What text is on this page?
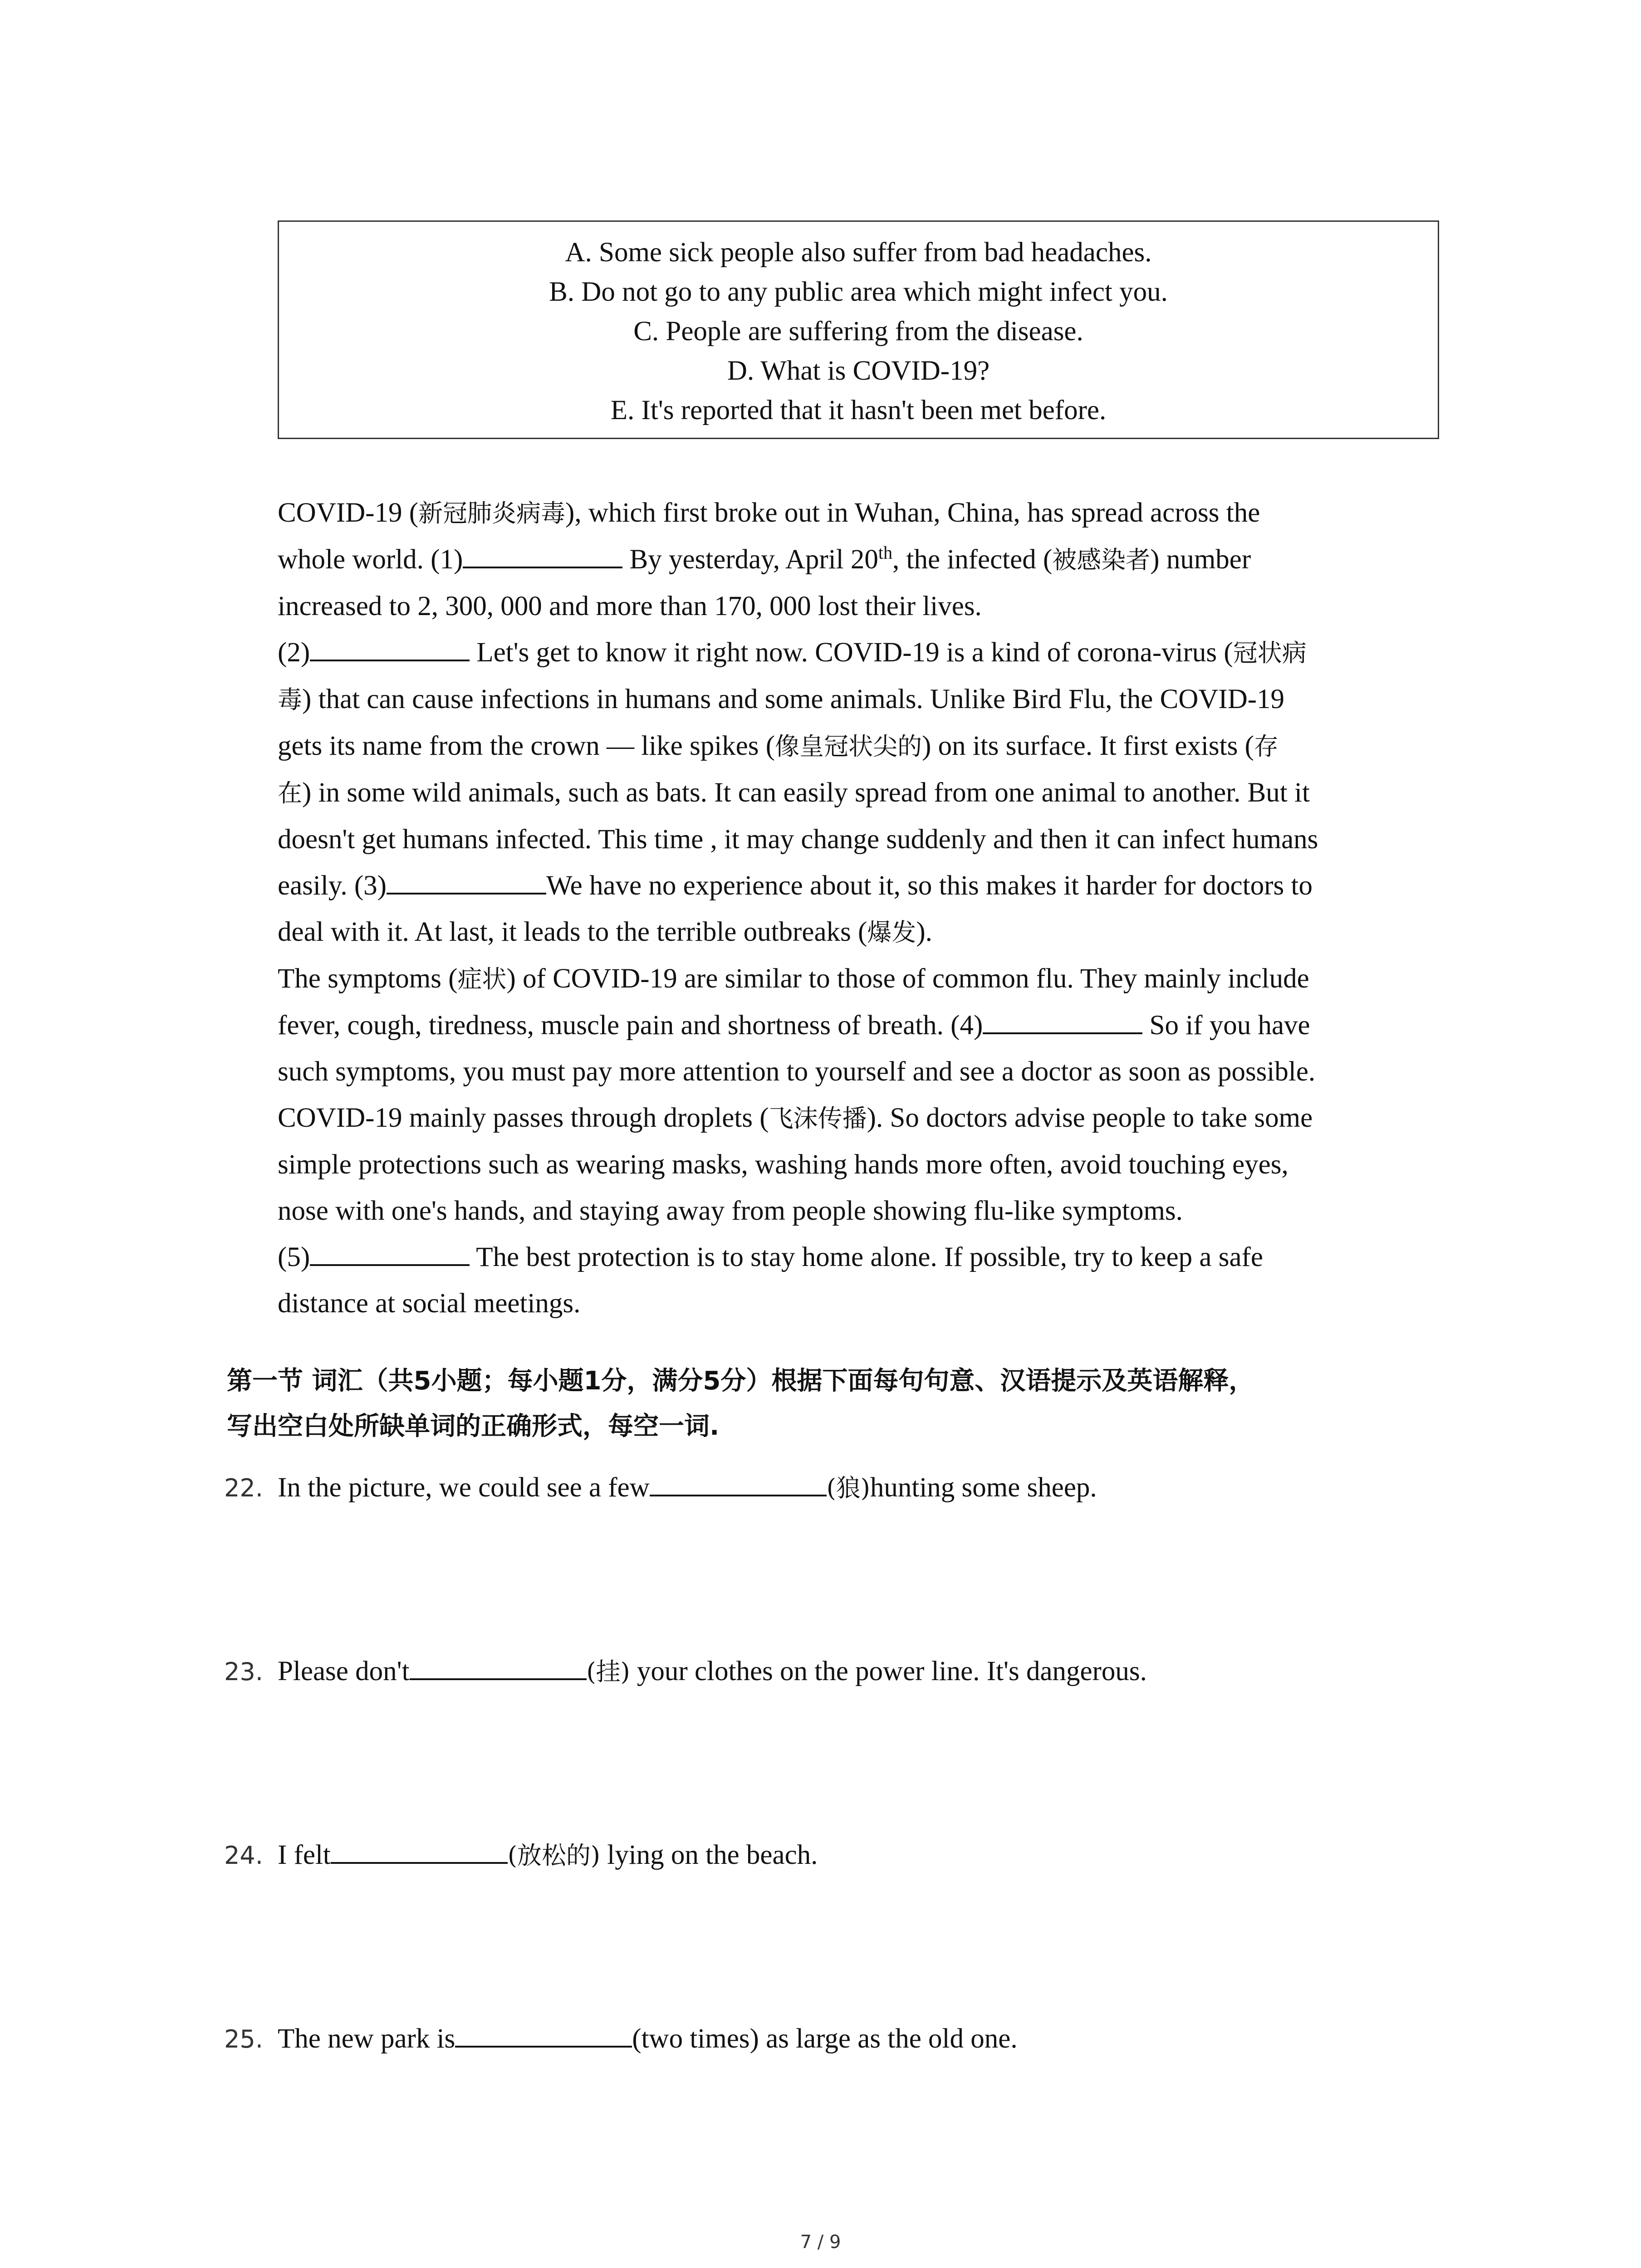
A. Some sick people also suffer from bad headaches.
B. Do not go to any public area which might infect you.
C. People are suffering from the disease.
D. What is COVID-19?
E. It's reported that it hasn't been met before.
COVID-19 (新冠肺炎病毒), which first broke out in Wuhan, China, has spread across the
whole world. (1)	By yesterday, April 20th, the infected (被感染者) number
increased to 2, 300, 000 and more than 170, 000 lost their lives.
(2)	Let's get to know it right now. COVID-19 is a kind of corona-virus (冠状病
毒) that can cause infections in humans and some animals. Unlike Bird Flu, the COVID-19
gets its name from the crown — like spikes (像皇冠状尖的) on its surface. It first exists (存
在) in some wild animals, such as bats. It can easily spread from one animal to another. But it
doesn't get humans infected. This time , it may change suddenly and then it can infect humans
easily. (3)	We have no experience about it, so this makes it harder for doctors to
deal with it. At last, it leads to the terrible outbreaks (爆发).
The symptoms (症状) of COVID-19 are similar to those of common flu. They mainly include
fever, cough, tiredness, muscle pain and shortness of breath. (4)	So if you have
such symptoms, you must pay more attention to yourself and see a doctor as soon as possible.
COVID-19 mainly passes through droplets (飞沫传播). So doctors advise people to take some
simple protections such as wearing masks, washing hands more often, avoid touching eyes,
nose with one's hands, and staying away from people showing flu-like symptoms.
(5)	The best protection is to stay home alone. If possible, try to keep a safe
distance at social meetings.
第一节 词汇（共5小题；每小题1分，满分5分）根据下面每句句意、汉语提示及英语解释，
写出空白处所缺单词的正确形式，每空一词.
22. In the picture, we could see a few	(狼)hunting some sheep.
23. Please don't	(挂) your clothes on the power line. It's dangerous.
24. I felt	(放松的) lying on the beach.
25. The new park is	(two times) as large as the old one.
7 / 9
